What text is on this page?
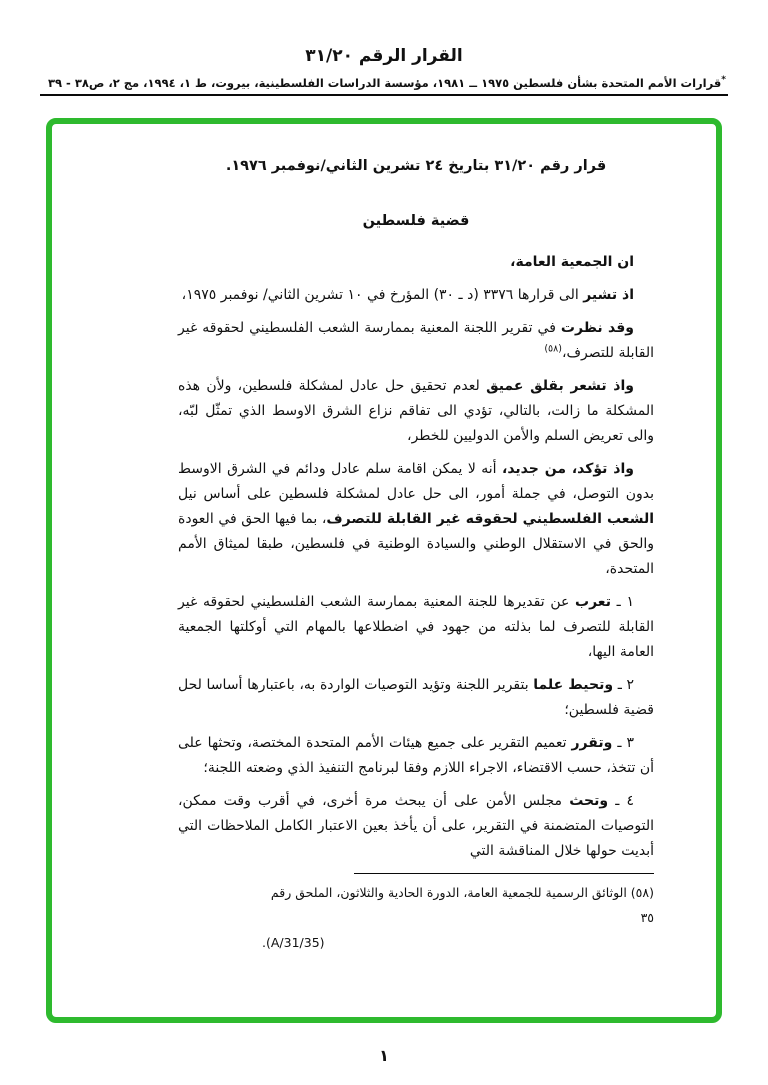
القرار الرقم ٣١/٢٠
*قرارات الأمم المتحدة بشأن فلسطين ١٩٧٥ ــ ١٩٨١، مؤسسة الدراسات الفلسطينية، بيروت، ط ١، ١٩٩٤، مج ٢، ص٣٨ - ٣٩

قرار رقم ٣١/٢٠ بتاريخ ٢٤ تشرين الثاني/نوفمبر ١٩٧٦.

قضية فلسطين

ان الجمعية العامة،

اذ تشير الى قرارها ٣٣٧٦ (د ـ ٣٠) المؤرخ في ١٠ تشرين الثاني/ نوفمبر ١٩٧٥،

وقد نظرت في تقرير اللجنة المعنية بممارسة الشعب الفلسطيني لحقوقه غير القابلة للتصرف،$^{(٥٨)}$

واذ تشعر بقلق عميق لعدم تحقيق حل عادل لمشكلة فلسطين، ولأن هذه المشكلة ما زالت، بالتالي، تؤدي الى تفاقم نزاع الشرق الاوسط الذي تمثّل لبّه، والى تعريض السلم والأمن الدوليين للخطر،

واذ تؤكد، من جديد، أنه لا يمكن اقامة سلم عادل ودائم في الشرق الاوسط بدون التوصل، في جملة أمور، الى حل عادل لمشكلة فلسطين على أساس نيل الشعب الفلسطيني لحقوقه غير القابلة للتصرف، بما فيها الحق في العودة والحق في الاستقلال الوطني والسيادة الوطنية في فلسطين، طبقا لميثاق الأمم المتحدة،

١ ـ تعرب عن تقديرها للجنة المعنية بممارسة الشعب الفلسطيني لحقوقه غير القابلة للتصرف لما بذلته من جهود في اضطلاعها بالمهام التي أوكلتها الجمعية العامة اليها،

٢ ـ وتحيط علما بتقرير اللجنة وتؤيد التوصيات الواردة به، باعتبارها أساسا لحل قضية فلسطين؛

٣ ـ وتقرر تعميم التقرير على جميع هيئات الأمم المتحدة المختصة، وتحثها على أن تتخذ، حسب الاقتضاء، الاجراء اللازم وفقا لبرنامج التنفيذ الذي وضعته اللجنة؛

٤ ـ وتحث مجلس الأمن على أن يبحث مرة أخرى، في أقرب وقت ممكن، التوصيات المتضمنة في التقرير، على أن يأخذ بعين الاعتبار الكامل الملاحظات التي أبديت حولها خلال المناقشة التي

(٥٨) الوثائق الرسمية للجمعية العامة، الدورة الحادية والثلاثون، الملحق رقم ٣٥
(A/31/35).
١
